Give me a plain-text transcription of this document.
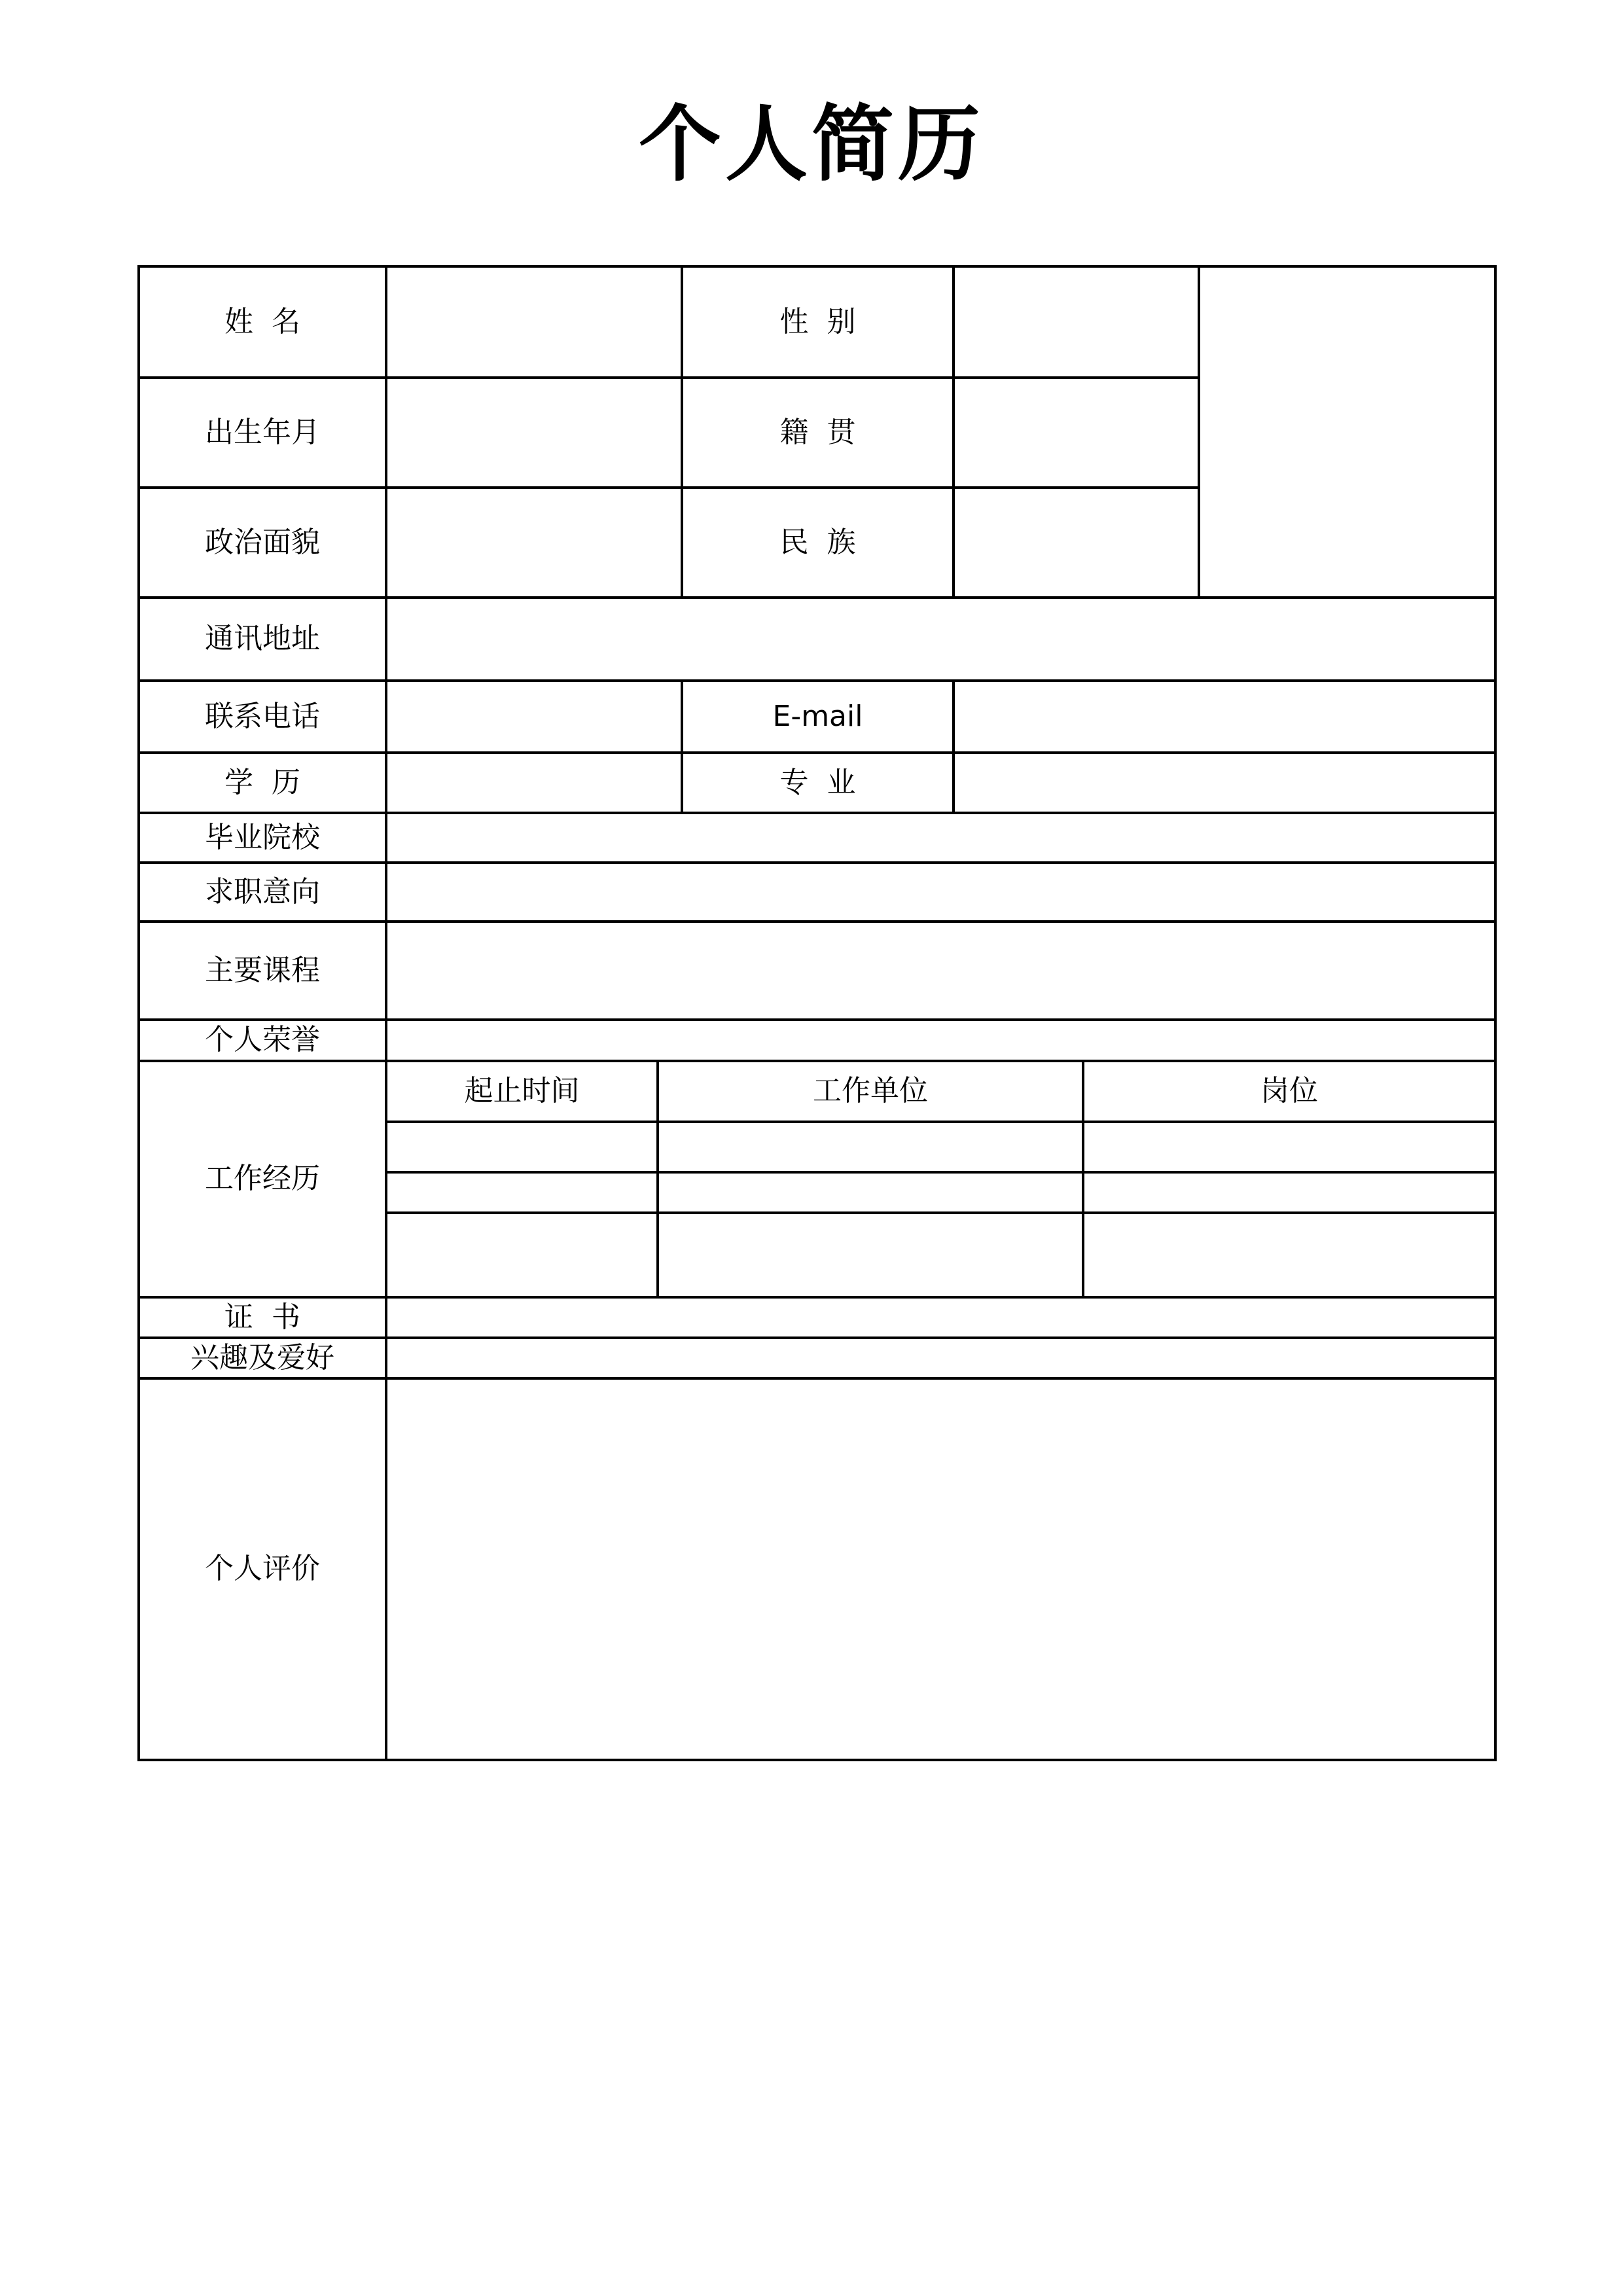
个人简历
姓  名			性  别			
出生年月			籍  贯			
政治面貌			民  族			
通讯地址						
联系电话			E-mail			
学  历			专  业			
毕业院校						
求职意向						
主要课程						
个人荣誉						
工作经历	起止时间	工作单位			岗位	

证  书						
兴趣及爱好						
个人评价						
